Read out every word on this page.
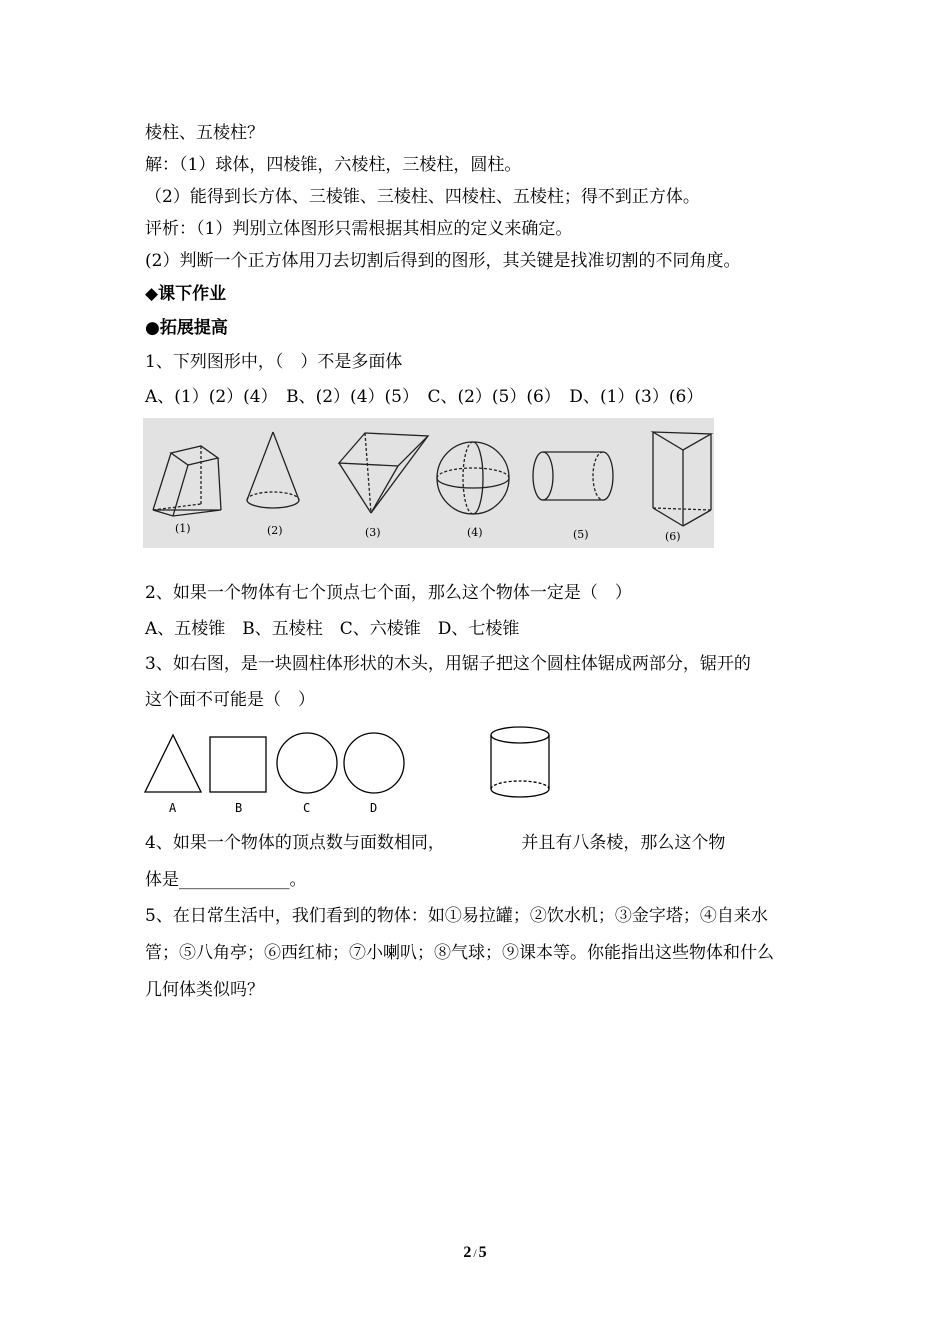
棱柱、五棱柱？
解：（1）球体，四棱锥，六棱柱，三棱柱，圆柱。
（2）能得到长方体、三棱锥、三棱柱、四棱柱、五棱柱；得不到正方体。
评析：（1）判别立体图形只需根据其相应的定义来确定。
(2）判断一个正方体用刀去切割后得到的图形，其关键是找准切割的不同角度。
◆课下作业
●拓展提高
1、下列图形中，（　）不是多面体
A、(1）(2）(4）　B、(2）(4）(5）　C、(2）(5）(6）　D、(1）(3）(6）
(1)	(2)	(3)	(4)	(5)	(6)
2、如果一个物体有七个顶点七个面，那么这个物体一定是（　）
A、五棱锥　B、五棱柱　C、六棱锥　D、七棱锥
3、如右图，是一块圆柱体形状的木头，用锯子把这个圆柱体锯成两部分，锯开的
这个面不可能是（　）
A	B	C	D
4、如果一个物体的顶点数与面数相同，　　　　　并且有八条棱，那么这个物
体是_____________。
5、在日常生活中，我们看到的物体：如①易拉罐；②饮水机；③金字塔；④自来水
管；⑤八角亭；⑥西红柿；⑦小喇叭；⑧气球；⑨课本等。你能指出这些物体和什么
几何体类似吗？
2 / 5
